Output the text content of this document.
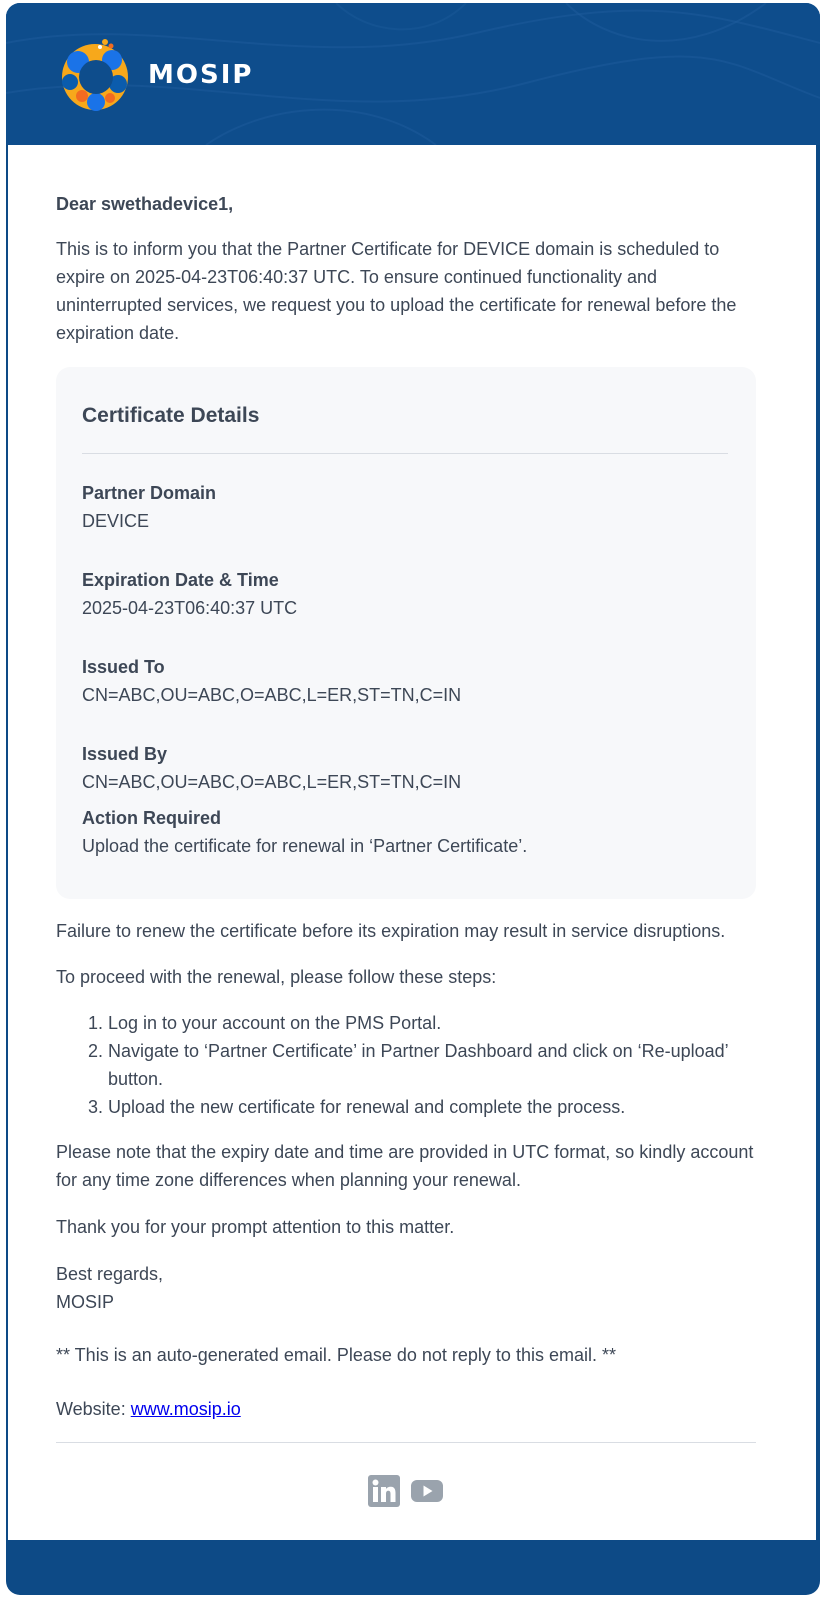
MOSIP

Dear swethadevice1,

This is to inform you that the Partner Certificate for DEVICE domain is scheduled to expire on 2025-04-23T06:40:37 UTC. To ensure continued functionality and uninterrupted services, we request you to upload the certificate for renewal before the expiration date.

Certificate Details
Partner Domain
DEVICE
Expiration Date & Time
2025-04-23T06:40:37 UTC
Issued To
CN=ABC,OU=ABC,O=ABC,L=ER,ST=TN,C=IN
Issued By
CN=ABC,OU=ABC,O=ABC,L=ER,ST=TN,C=IN
Action Required
Upload the certificate for renewal in ‘Partner Certificate’.

Failure to renew the certificate before its expiration may result in service disruptions.

To proceed with the renewal, please follow these steps:

1. Log in to your account on the PMS Portal.
2. Navigate to ‘Partner Certificate’ in Partner Dashboard and click on ‘Re-upload’ button.
3. Upload the new certificate for renewal and complete the process.

Please note that the expiry date and time are provided in UTC format, so kindly account for any time zone differences when planning your renewal.

Thank you for your prompt attention to this matter.

Best regards,

MOSIP

** This is an auto-generated email. Please do not reply to this email. **

Website: www.mosip.io
